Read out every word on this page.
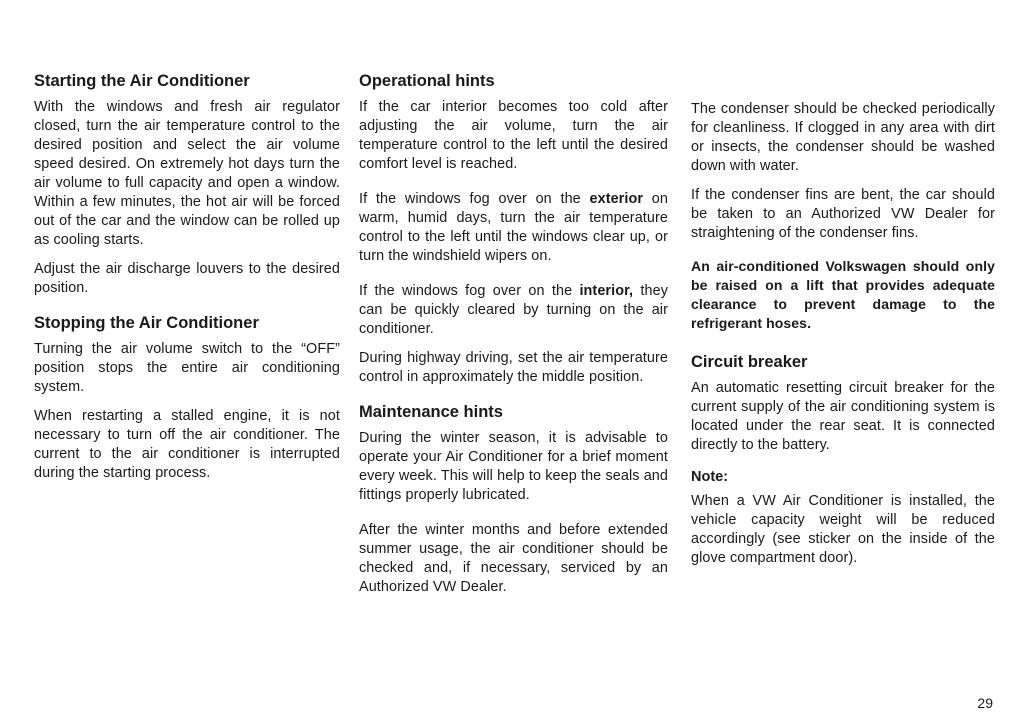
Starting the Air Conditioner

With the windows and fresh air regulator closed, turn the air temperature control to the desired position and select the air volume speed desired. On extremely hot days turn the air volume to full capacity and open a window. Within a few minutes, the hot air will be forced out of the car and the window can be rolled up as cooling starts.

Adjust the air discharge louvers to the desired position.

Stopping the Air Conditioner

Turning the air volume switch to the “OFF” position stops the entire air conditioning system.

When restarting a stalled engine, it is not necessary to turn off the air conditioner. The current to the air conditioner is interrupted during the starting process.

Operational hints

If the car interior becomes too cold after adjusting the air volume, turn the air temperature control to the left until the desired comfort level is reached.

If the windows fog over on the exterior on warm, humid days, turn the air temperature control to the left until the windows clear up, or turn the windshield wipers on.

If the windows fog over on the interior, they can be quickly cleared by turning on the air conditioner.

During highway driving, set the air temperature control in approximately the middle position.

Maintenance hints

During the winter season, it is advisable to operate your Air Conditioner for a brief moment every week. This will help to keep the seals and fittings properly lubricated.

After the winter months and before extended summer usage, the air conditioner should be checked and, if necessary, serviced by an Authorized VW Dealer.

The condenser should be checked periodically for cleanliness. If clogged in any area with dirt or insects, the condenser should be washed down with water.

If the condenser fins are bent, the car should be taken to an Authorized VW Dealer for straightening of the condenser fins.

An air-conditioned Volkswagen should only be raised on a lift that provides adequate clearance to prevent damage to the refrigerant hoses.

Circuit breaker

An automatic resetting circuit breaker for the current supply of the air conditioning system is located under the rear seat. It is connected directly to the battery.

Note:

When a VW Air Conditioner is installed, the vehicle capacity weight will be reduced accordingly (see sticker on the inside of the glove compartment door).

29
